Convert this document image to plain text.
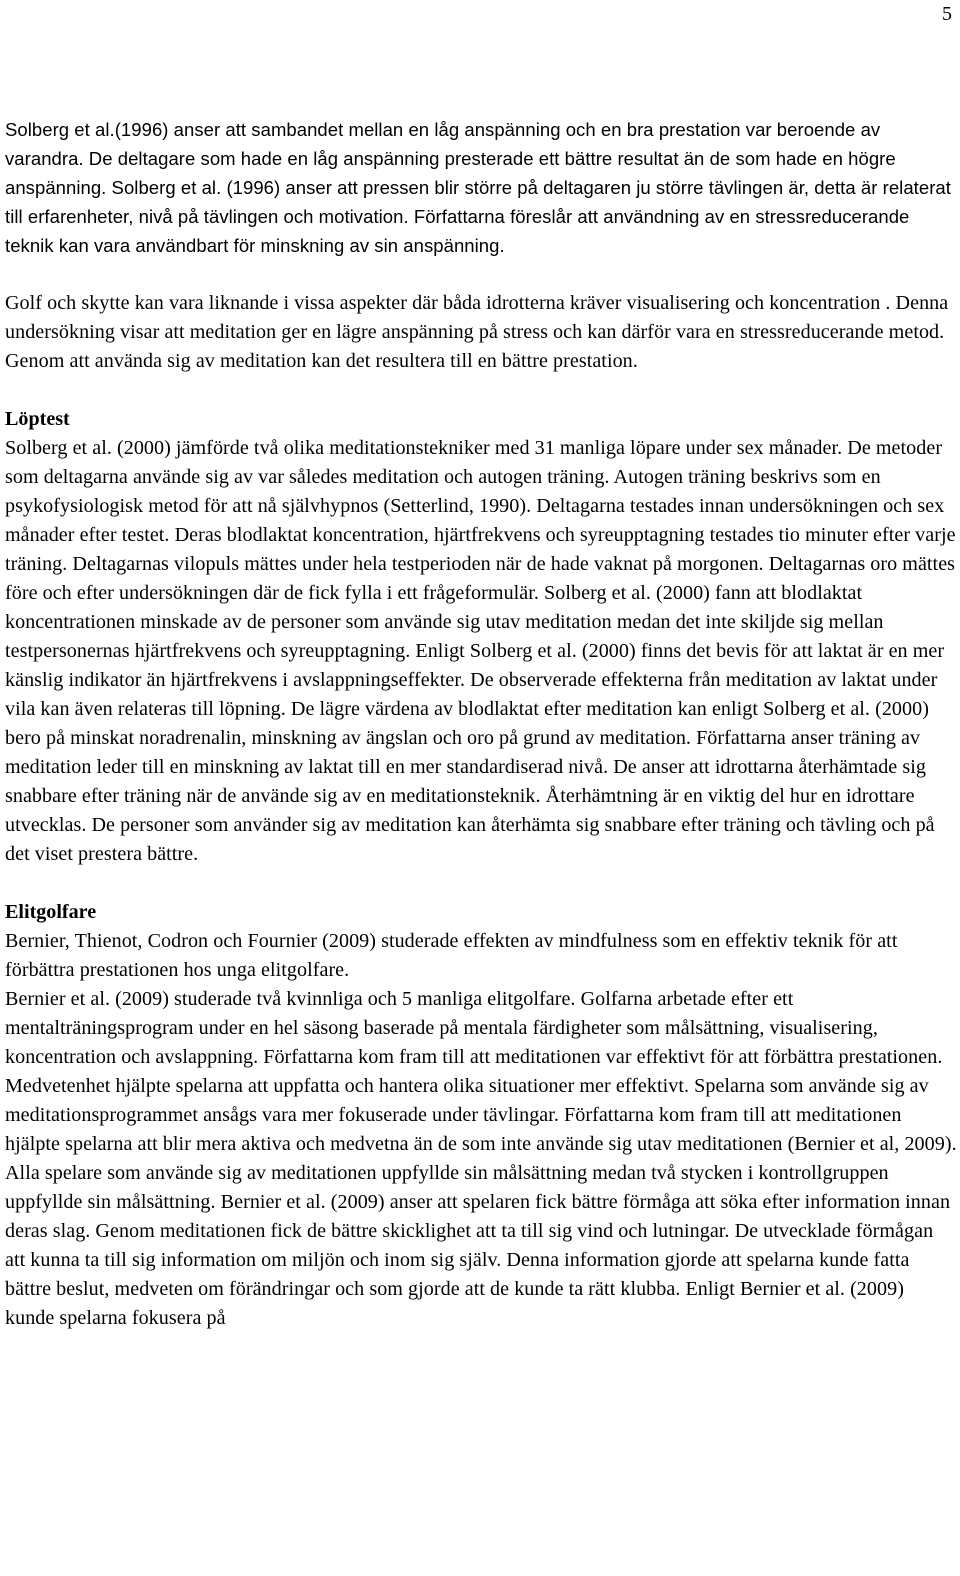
5

Solberg et al.(1996) anser att sambandet mellan en låg anspänning och en bra prestation var beroende av varandra. De deltagare som hade en låg anspänning presterade ett bättre resultat än de som hade en högre anspänning. Solberg et al. (1996) anser att pressen blir större på deltagaren ju större tävlingen är, detta är relaterat till erfarenheter, nivå på tävlingen och motivation. Författarna föreslår att användning av en stressreducerande teknik kan vara användbart för minskning av sin anspänning.

Golf och skytte kan vara liknande i vissa aspekter där båda idrotterna kräver visualisering och koncentration . Denna undersökning visar att meditation ger en lägre anspänning på stress och kan därför vara en stressreducerande metod. Genom att använda sig av meditation kan det resultera till en bättre prestation.

Löptest

Solberg et al. (2000) jämförde två olika meditationstekniker med 31 manliga löpare under sex månader. De metoder som deltagarna använde sig av var således meditation och autogen träning. Autogen träning beskrivs som en psykofysiologisk metod för att nå självhypnos (Setterlind, 1990). Deltagarna testades innan undersökningen och sex månader efter testet. Deras blodlaktat koncentration, hjärtfrekvens och syreupptagning testades tio minuter efter varje träning. Deltagarnas vilopuls mättes under hela testperioden när de hade vaknat på morgonen. Deltagarnas oro mättes före och efter undersökningen där de fick fylla i ett frågeformulär. Solberg et al. (2000) fann att blodlaktat koncentrationen minskade av de personer som använde sig utav meditation medan det inte skiljde sig mellan testpersonernas hjärtfrekvens och syreupptagning. Enligt Solberg et al. (2000) finns det bevis för att laktat är en mer känslig indikator än hjärtfrekvens i avslappningseffekter. De observerade effekterna från meditation av laktat under vila kan även relateras till löpning. De lägre värdena av blodlaktat efter meditation kan enligt Solberg et al. (2000) bero på minskat noradrenalin, minskning av ängslan och oro på grund av meditation. Författarna anser träning av meditation leder till en minskning av laktat till en mer standardiserad nivå. De anser att idrottarna återhämtade sig snabbare efter träning när de använde sig av en meditationsteknik. Återhämtning är en viktig del hur en idrottare utvecklas. De personer som använder sig av meditation kan återhämta sig snabbare efter träning och tävling och på det viset prestera bättre.

Elitgolfare

Bernier, Thienot, Codron och Fournier (2009) studerade effekten av mindfulness som en effektiv teknik för att förbättra prestationen hos unga elitgolfare.

Bernier et al. (2009) studerade två kvinnliga och 5 manliga elitgolfare. Golfarna arbetade efter ett mentalträningsprogram under en hel säsong baserade på mentala färdigheter som målsättning, visualisering, koncentration och avslappning. Författarna kom fram till att meditationen var effektivt för att förbättra prestationen. Medvetenhet hjälpte spelarna att uppfatta och hantera olika situationer mer effektivt. Spelarna som använde sig av meditationsprogrammet ansågs vara mer fokuserade under tävlingar. Författarna kom fram till att meditationen hjälpte spelarna att blir mera aktiva och medvetna än de som inte använde sig utav meditationen (Bernier et al, 2009). Alla spelare som använde sig av meditationen uppfyllde sin målsättning medan två stycken i kontrollgruppen uppfyllde sin målsättning. Bernier et al. (2009) anser att spelaren fick bättre förmåga att söka efter information innan deras slag. Genom meditationen fick de bättre skicklighet att ta till sig vind och lutningar. De utvecklade förmågan att kunna ta till sig information om miljön och inom sig själv. Denna information gjorde att spelarna kunde fatta bättre beslut, medveten om förändringar och som gjorde att de kunde ta rätt klubba. Enligt Bernier et al. (2009) kunde spelarna fokusera på
